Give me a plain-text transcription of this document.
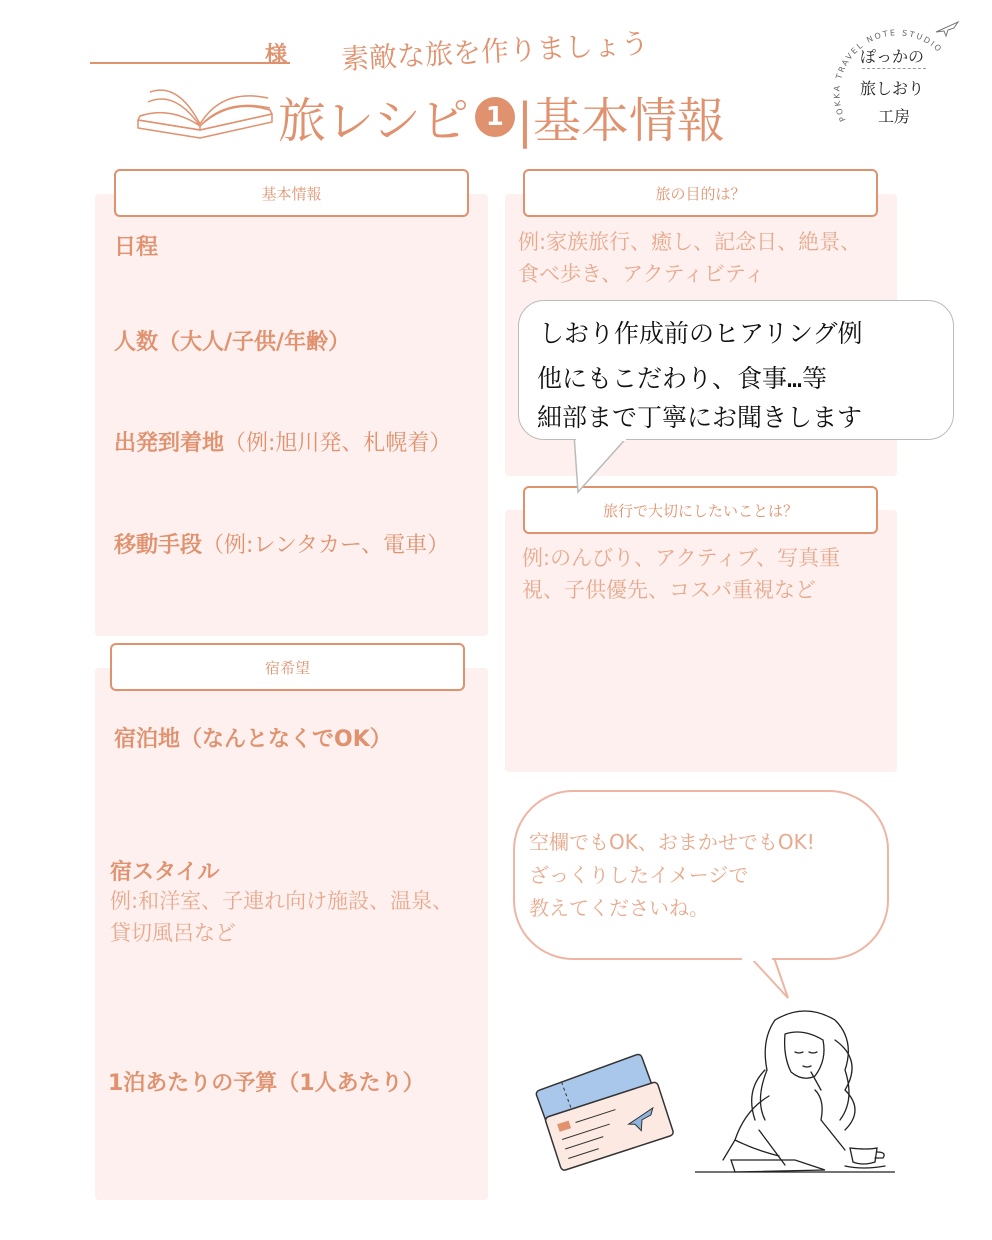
様 素敵な旅を作りましょう
旅レシピ 1 |基本情報	POKKA TRAVEL NOTE STUDIO
ぽっかの
旅しおり
工房
基本情報
日程
人数（大人/子供/年齢）
出発到着地（例:旭川発、札幌着）
移動手段（例:レンタカー、電車）
宿希望
宿泊地（なんとなくでOK）
宿スタイル
例:和洋室、子連れ向け施設、温泉、
貸切風呂など
1泊あたりの予算（1人あたり）
旅の目的は？
例:家族旅行、癒し、記念日、絶景、
食べ歩き、アクティビティ
旅行で大切にしたいことは？
例:のんびり、アクティブ、写真重
視、子供優先、コスパ重視など
しおり作成前のヒアリング例
他にもこだわり、食事…等
細部まで丁寧にお聞きします
空欄でもOK、おまかせでもOK!
ざっくりしたイメージで
教えてくださいね。
